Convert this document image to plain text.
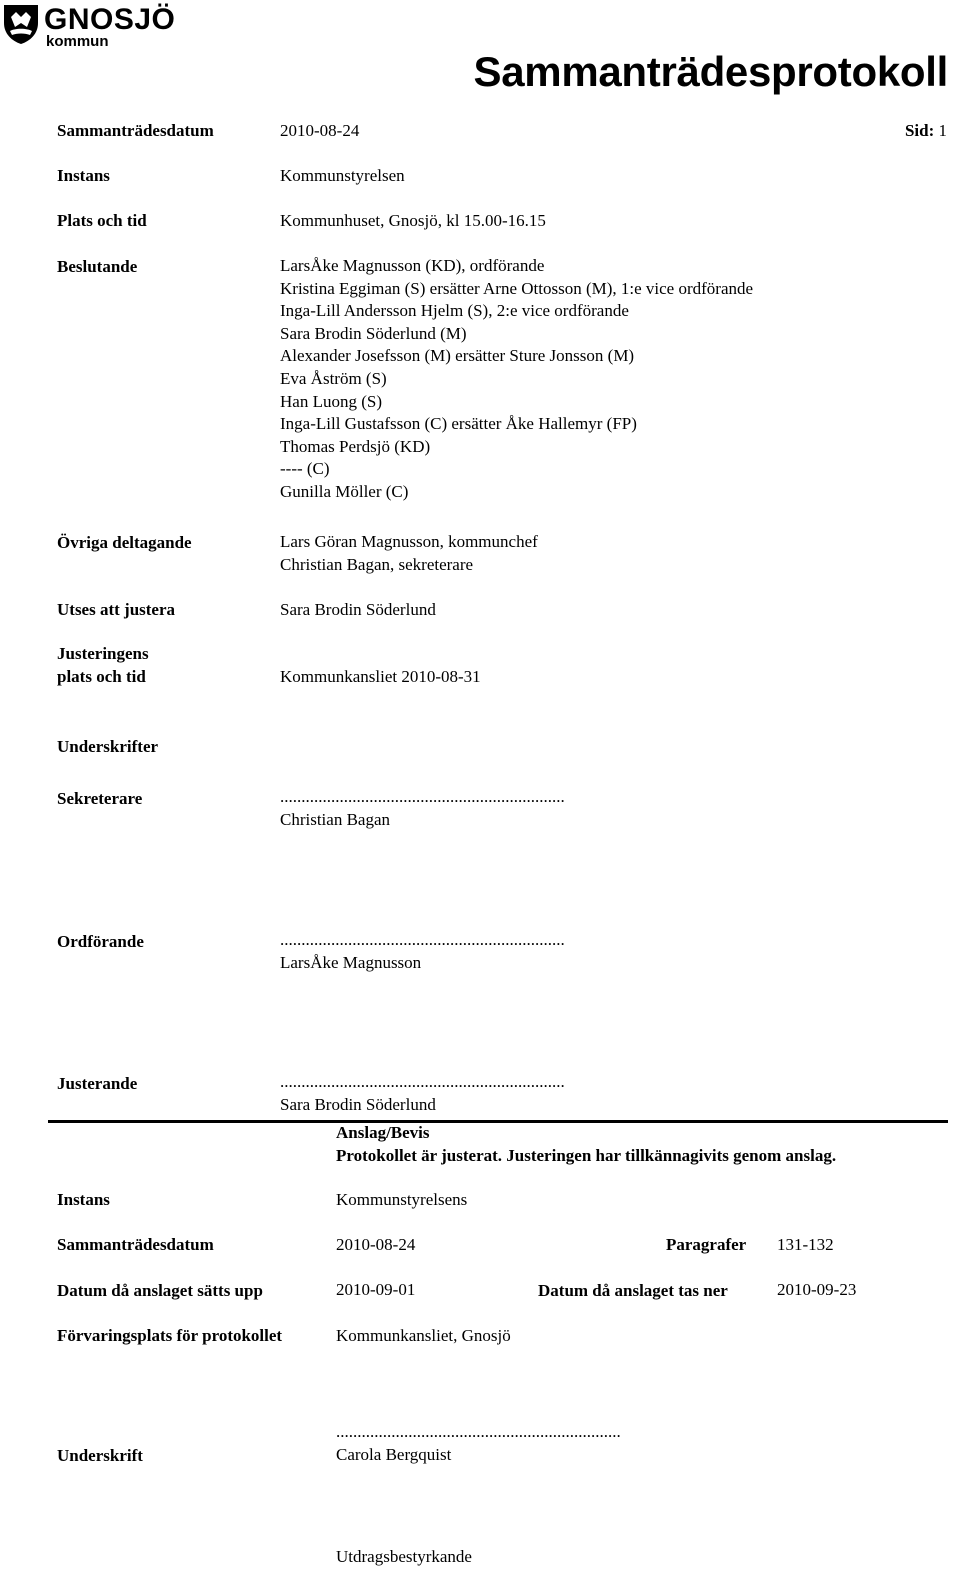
GNOSJÖ
kommun
Sammanträdesprotokoll
Sammanträdesdatum	2010-08-24	Sid: 1
Instans	Kommunstyrelsen
Plats och tid	Kommunhuset, Gnosjö, kl 15.00-16.15
Beslutande	LarsÅke Magnusson (KD), ordförande
Kristina Eggiman (S) ersätter Arne Ottosson (M), 1:e vice ordförande
Inga-Lill Andersson Hjelm (S), 2:e vice ordförande
Sara Brodin Söderlund (M)
Alexander Josefsson (M) ersätter Sture Jonsson (M)
Eva Åström (S)
Han Luong (S)
Inga-Lill Gustafsson (C) ersätter Åke Hallemyr (FP)
Thomas Perdsjö (KD)
---- (C)
Gunilla Möller (C)
Övriga deltagande	Lars Göran Magnusson, kommunchef
Christian Bagan, sekreterare
Utses att justera	Sara Brodin Söderlund
Justeringens
plats och tid	Kommunkansliet 2010-08-31
Underskrifter
Sekreterare	...................................................................
Christian Bagan
Ordförande	...................................................................
LarsÅke Magnusson
Justerande	...................................................................
Sara Brodin Söderlund
Anslag/Bevis
Protokollet är justerat. Justeringen har tillkännagivits genom anslag.
Instans	Kommunstyrelsens
Sammanträdesdatum	2010-08-24	Paragrafer 131-132
Datum då anslaget sätts upp	2010-09-01	Datum då anslaget tas ner	2010-09-23
Förvaringsplats för protokollet	Kommunkansliet, Gnosjö
Underskrift
...................................................................
Carola Bergquist
Utdragsbestyrkande
